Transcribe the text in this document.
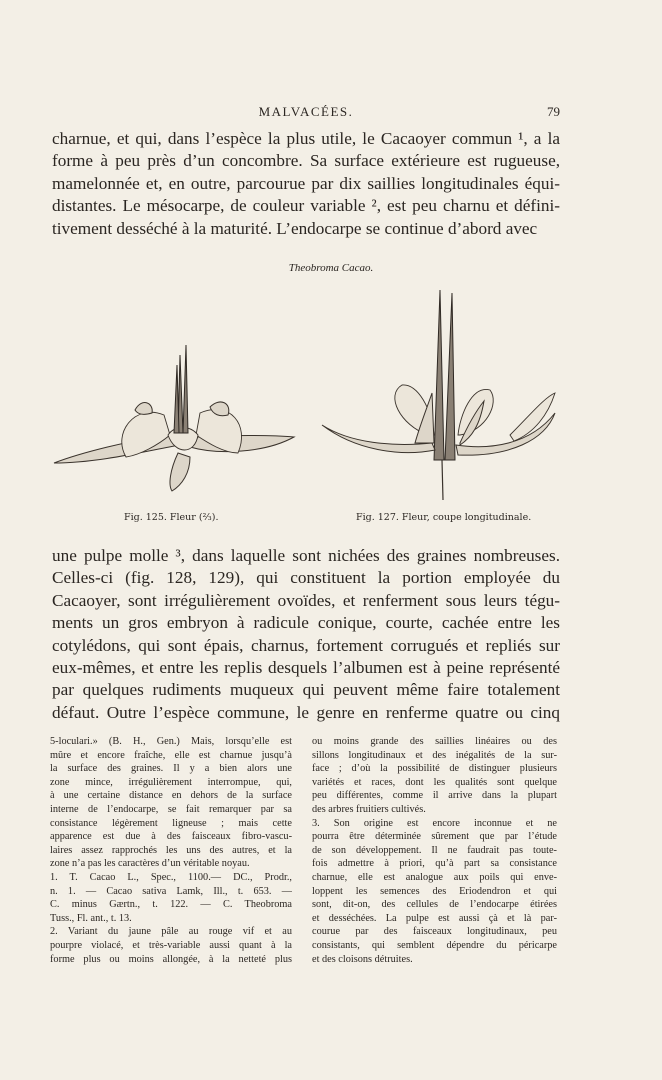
MALVACÉES.	79
charnue, et qui, dans l’espèce la plus utile, le Cacaoyer commun ¹, a la
forme à peu près d’un concombre. Sa surface extérieure est rugueuse,
mamelonnée et, en outre, parcourue par dix saillies longitudinales équi-
distantes. Le mésocarpe, de couleur variable ², est peu charnu et défini-
tivement desséché à la maturité. L’endocarpe se continue d’abord avec
Theobroma Cacao.
Fig. 125. Fleur (⅔).	Fig. 127. Fleur, coupe longitudinale.
une pulpe molle ³, dans laquelle sont nichées des graines nombreuses.
Celles-ci (fig. 128, 129), qui constituent la portion employée du
Cacaoyer, sont irrégulièrement ovoïdes, et renferment sous leurs tégu-
ments un gros embryon à radicule conique, courte, cachée entre les
cotylédons, qui sont épais, charnus, fortement corrugués et repliés sur
eux-mêmes, et entre les replis desquels l’albumen est à peine représenté
par quelques rudiments muqueux qui peuvent même faire totalement
défaut. Outre l’espèce commune, le genre en renferme quatre ou cinq
5-loculari.» (B. H., Gen.) Mais, lorsqu’elle est
mûre et encore fraîche, elle est charnue jusqu’à
la surface des graines. Il y a bien alors une
zone mince, irrégulièrement interrompue, qui,
à une certaine distance en dehors de la surface
interne de l’endocarpe, se fait remarquer par sa
consistance légèrement ligneuse ; mais cette
apparence est due à des faisceaux fibro-vascu-
laires assez rapprochés les uns des autres, et la
zone n’a pas les caractères d’un véritable noyau.
1. T. Cacao L., Spec., 1100.— DC., Prodr.,
n. 1. — Cacao sativa Lamk, Ill., t. 653. —
C. minus Gærtn., t. 122. — C. Theobroma
Tuss., Fl. ant., t. 13.
2. Variant du jaune pâle au rouge vif et au
pourpre violacé, et très-variable aussi quant à la
forme plus ou moins allongée, à la netteté plus
ou moins grande des saillies linéaires ou des
sillons longitudinaux et des inégalités de la sur-
face ; d’où la possibilité de distinguer plusieurs
variétés et races, dont les qualités sont quelque
peu différentes, comme il arrive dans la plupart
des arbres fruitiers cultivés.
3. Son origine est encore inconnue et ne
pourra être déterminée sûrement que par l’étude
de son développement. Il ne faudrait pas toute-
fois admettre à priori, qu’à part sa consistance
charnue, elle est analogue aux poils qui enve-
loppent les semences des Eriodendron et qui
sont, dit-on, des cellules de l’endocarpe étirées
et desséchées. La pulpe est aussi çà et là par-
courue par des faisceaux longitudinaux, peu
consistants, qui semblent dépendre du péricarpe
et des cloisons détruites.
